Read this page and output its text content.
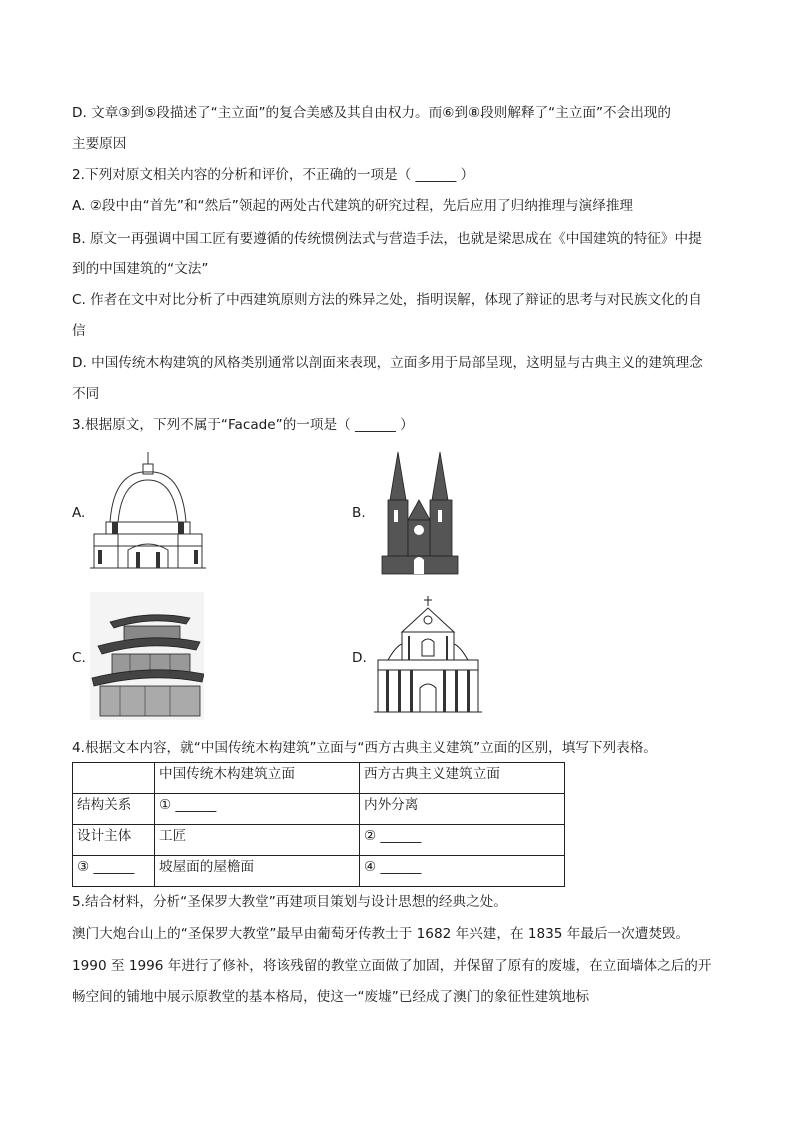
D. 文章③到⑤段描述了“主立面”的复合美感及其自由权力。而⑥到⑧段则解释了“主立面”不会出现的
主要原因
2.下列对原文相关内容的分析和评价，不正确的一项是（ ______ ）
A. ②段中由“首先”和“然后”领起的两处古代建筑的研究过程，先后应用了归纳推理与演绎推理
B. 原文一再强调中国工匠有要遵循的传统惯例法式与营造手法，也就是梁思成在《中国建筑的特征》中提
到的中国建筑的“文法”
C. 作者在文中对比分析了中西建筑原则方法的殊异之处，指明误解，体现了辩证的思考与对民族文化的自
信
D. 中国传统木构建筑的风格类别通常以剖面来表现，立面多用于局部呈现，这明显与古典主义的建筑理念
不同
3.根据原文，下列不属于“Facade”的一项是（ ______ ）
A.	B.
C.	D.
4.根据文本内容，就“中国传统木构建筑”立面与“西方古典主义建筑”立面的区别，填写下列表格。
	中国传统木构建筑立面	西方古典主义建筑立面
结构关系	① ______	内外分离
设计主体	工匠	② ______
③ ______	坡屋面的屋檐面	④ ______
5.结合材料，分析“圣保罗大教堂”再建项目策划与设计思想的经典之处。
澳门大炮台山上的“圣保罗大教堂”最早由葡萄牙传教士于 1682 年兴建，在 1835 年最后一次遭焚毁。
1990 至 1996 年进行了修补，将该残留的教堂立面做了加固，并保留了原有的废墟，在立面墙体之后的开
畅空间的铺地中展示原教堂的基本格局，使这一“废墟”已经成了澳门的象征性建筑地标
